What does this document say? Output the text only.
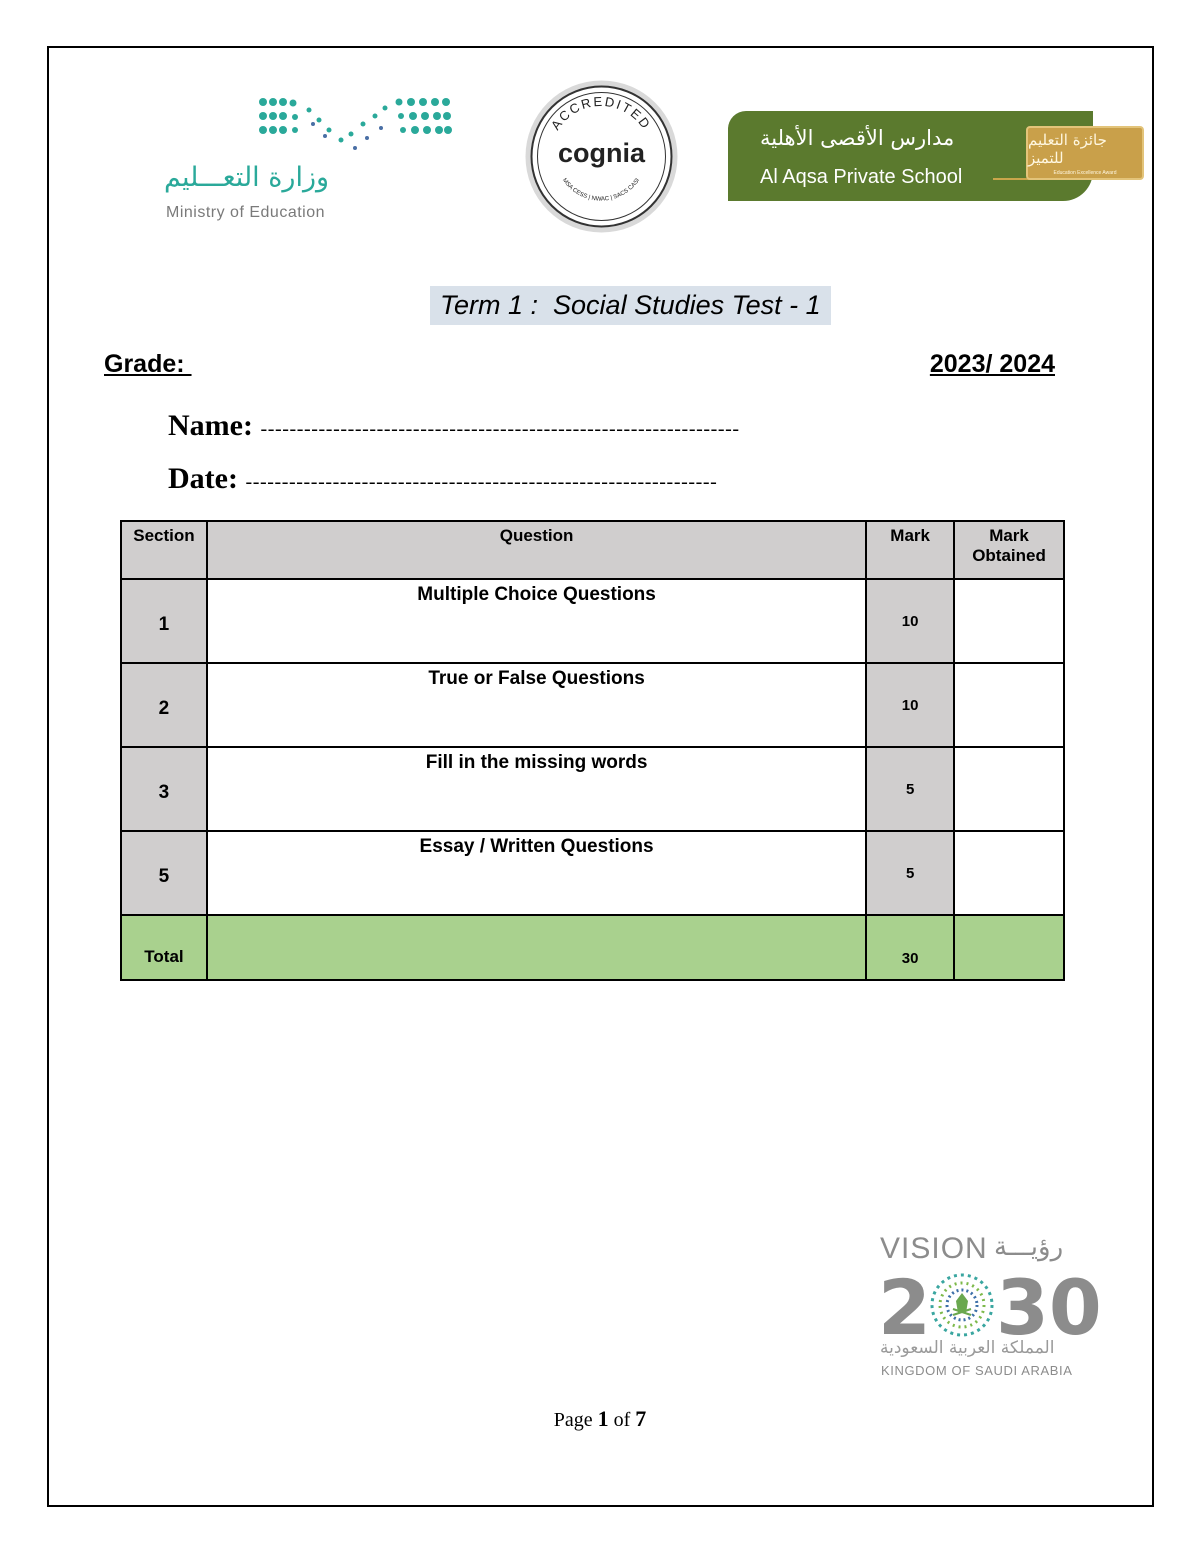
وزارة التعـــليم
Ministry of Education
ACCREDITED
cognia
MSA CESS | NWAC | SACS CASI
مدارس الأقصى الأهلية
Al Aqsa Private School
جائزة التعليم للتميز
Education Excellence Award
Term 1 :  Social Studies Test - 1
Grade:	2023/ 2024
Name: ------------------------------------------------------------------
Date: -----------------------------------------------------------------
Section	Question	Mark	Mark
Obtained
1	Multiple Choice Questions	10	
2	True or False Questions	10	
3	Fill in the missing words	5	
5	Essay / Written Questions	5	
Total		30	
VISION رؤيـــة
2 30
المملكة العربية السعودية
KINGDOM OF SAUDI ARABIA
Page 1 of 7
